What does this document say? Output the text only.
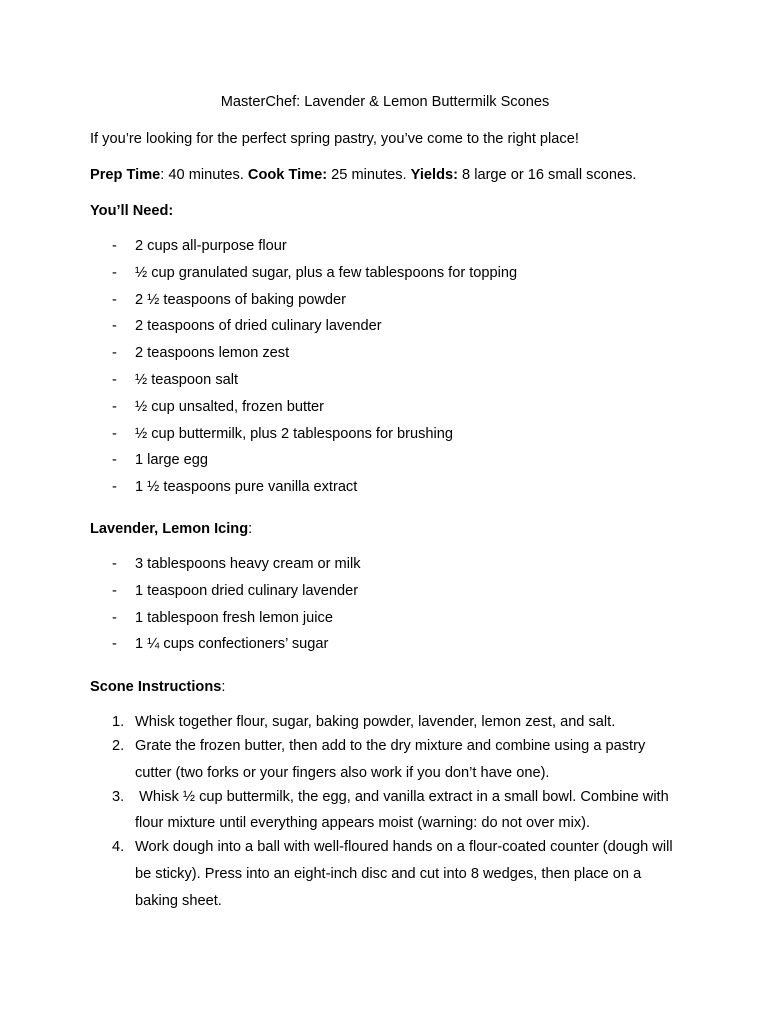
MasterChef: Lavender & Lemon Buttermilk Scones

If you’re looking for the perfect spring pastry, you’ve come to the right place!

Prep Time: 40 minutes. Cook Time: 25 minutes. Yields: 8 large or 16 small scones.

You’ll Need:

- 2 cups all-purpose flour
- ½ cup granulated sugar, plus a few tablespoons for topping
- 2 ½ teaspoons of baking powder
- 2 teaspoons of dried culinary lavender
- 2 teaspoons lemon zest
- ½ teaspoon salt
- ½ cup unsalted, frozen butter
- ½ cup buttermilk, plus 2 tablespoons for brushing
- 1 large egg
- 1 ½ teaspoons pure vanilla extract

Lavender, Lemon Icing:

- 3 tablespoons heavy cream or milk
- 1 teaspoon dried culinary lavender
- 1 tablespoon fresh lemon juice
- 1 ¼ cups confectioners’ sugar

Scone Instructions:

1. Whisk together flour, sugar, baking powder, lavender, lemon zest, and salt.
2. Grate the frozen butter, then add to the dry mixture and combine using a pastry cutter (two forks or your fingers also work if you don’t have one).
3. Whisk ½ cup buttermilk, the egg, and vanilla extract in a small bowl. Combine with flour mixture until everything appears moist (warning: do not over mix).
4. Work dough into a ball with well-floured hands on a flour-coated counter (dough will be sticky). Press into an eight-inch disc and cut into 8 wedges, then place on a baking sheet.
